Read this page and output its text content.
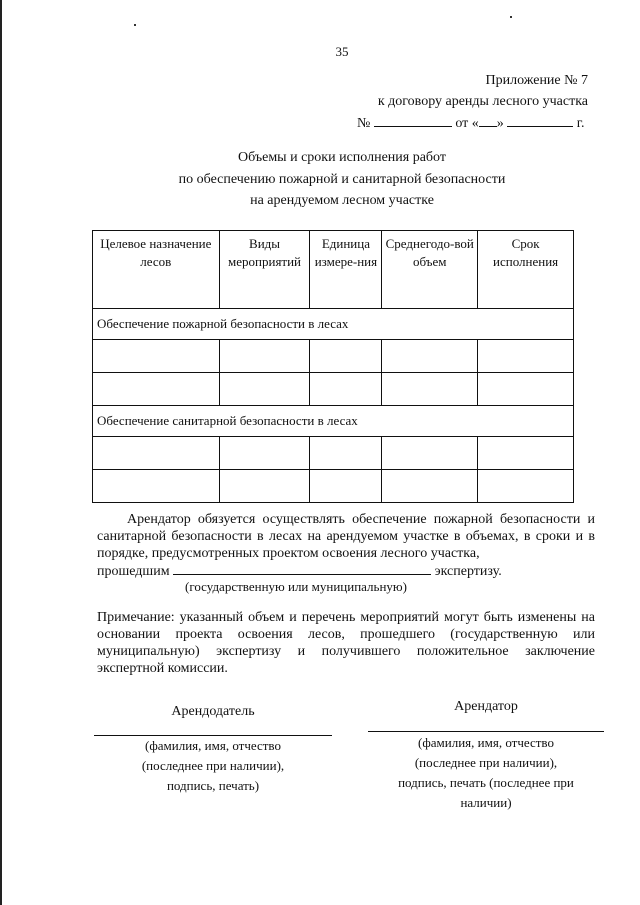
35
Приложение № 7
к договору аренды лесного участка
№	от « »	г.
Объемы и сроки исполнения работ
по обеспечению пожарной и санитарной безопасности
на арендуемом лесном участке
Целевое назначение лесов	Виды мероприятий	Единица измере-ния	Среднегодо-вой объем	Срок исполнения
Обеспечение пожарной безопасности в лесах				

Обеспечение санитарной безопасности в лесах				

Арендатор обязуется осуществлять обеспечение пожарной безопасности и санитарной безопасности в лесах на арендуемом участке в объемах, в сроки и в порядке, предусмотренных проектом освоения лесного участка,
прошедшим	экспертизу.
(государственную или муниципальную)
Примечание: указанный объем и перечень мероприятий могут быть изменены на основании проекта освоения лесов, прошедшего (государственную или муниципальную) экспертизу и получившего положительное заключение экспертной комиссии.
Арендодатель
(фамилия, имя, отчество
(последнее при наличии),
подпись, печать)
Арендатор
(фамилия, имя, отчество
(последнее при наличии),
подпись, печать (последнее при
наличии)
